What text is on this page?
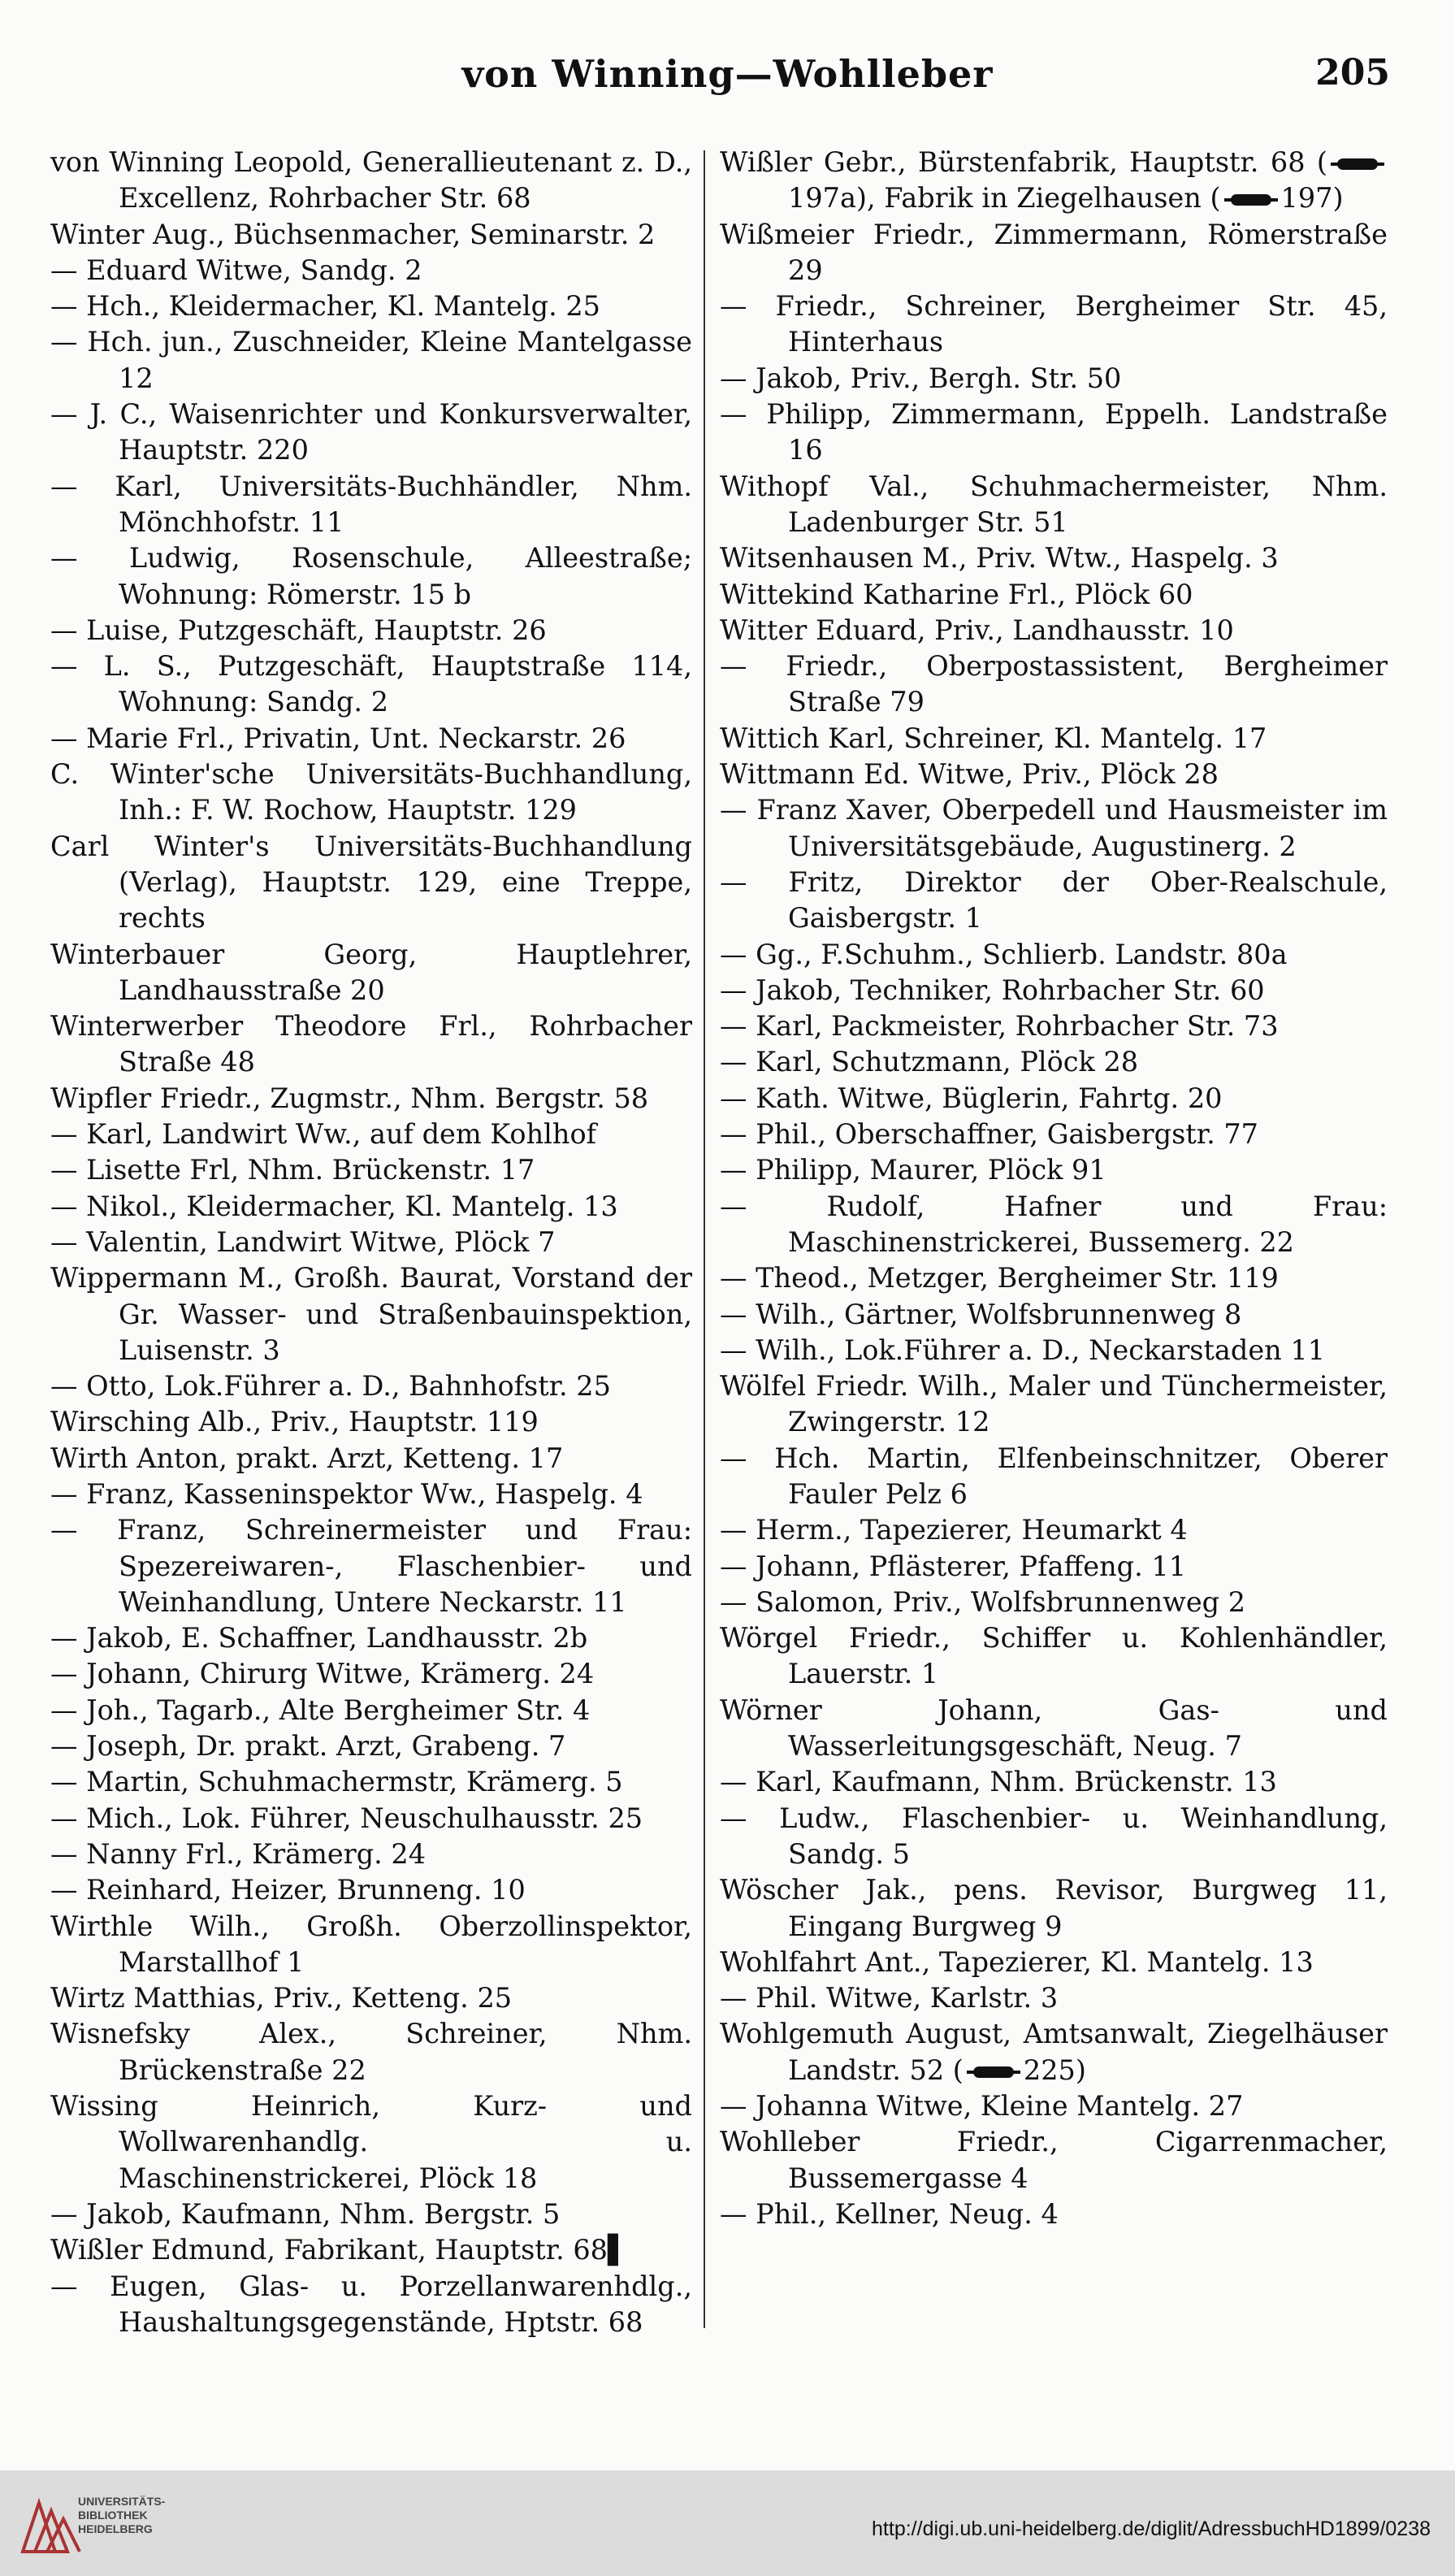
von Winning—Wohlleber	205

von Winning Leopold, Generallieutenant z. D., Excellenz, Rohrbacher Str. 68

Winter Aug., Büchsenmacher, Seminarstr. 2

— Eduard Witwe, Sandg. 2

— Hch., Kleidermacher, Kl. Mantelg. 25

— Hch. jun., Zuschneider, Kleine Mantelgasse 12

— J. C., Waisenrichter und Konkursverwalter, Hauptstr. 220

— Karl, Universitäts-Buchhändler, Nhm. Mönchhofstr. 11

— Ludwig, Rosenschule, Alleestraße; Wohnung: Römerstr. 15 b

— Luise, Putzgeschäft, Hauptstr. 26

— L. S., Putzgeschäft, Hauptstraße 114, Wohnung: Sandg. 2

— Marie Frl., Privatin, Unt. Neckarstr. 26

C. Winter'sche Universitäts-Buchhandlung, Inh.: F. W. Rochow, Hauptstr. 129

Carl Winter's Universitäts-Buchhandlung (Verlag), Hauptstr. 129, eine Treppe, rechts

Winterbauer Georg, Hauptlehrer, Landhausstraße 20

Winterwerber Theodore Frl., Rohrbacher Straße 48

Wipfler Friedr., Zugmstr., Nhm. Bergstr. 58

— Karl, Landwirt Ww., auf dem Kohlhof

— Lisette Frl, Nhm. Brückenstr. 17

— Nikol., Kleidermacher, Kl. Mantelg. 13

— Valentin, Landwirt Witwe, Plöck 7

Wippermann M., Großh. Baurat, Vorstand der Gr. Wasser- und Straßenbauinspektion, Luisenstr. 3

— Otto, Lok.Führer a. D., Bahnhofstr. 25

Wirsching Alb., Priv., Hauptstr. 119

Wirth Anton, prakt. Arzt, Ketteng. 17

— Franz, Kasseninspektor Ww., Haspelg. 4

— Franz, Schreinermeister und Frau: Spezereiwaren-, Flaschenbier- und Weinhandlung, Untere Neckarstr. 11

— Jakob, E. Schaffner, Landhausstr. 2b

— Johann, Chirurg Witwe, Krämerg. 24

— Joh., Tagarb., Alte Bergheimer Str. 4

— Joseph, Dr. prakt. Arzt, Grabeng. 7

— Martin, Schuhmachermstr, Krämerg. 5

— Mich., Lok. Führer, Neuschulhausstr. 25

— Nanny Frl., Krämerg. 24

— Reinhard, Heizer, Brunneng. 10

Wirthle Wilh., Großh. Oberzollinspektor, Marstallhof 1

Wirtz Matthias, Priv., Ketteng. 25

Wisnefsky Alex., Schreiner, Nhm. Brückenstraße 22

Wissing Heinrich, Kurz- und Wollwarenhandlg. u. Maschinenstrickerei, Plöck 18

— Jakob, Kaufmann, Nhm. Bergstr. 5

Wißler Edmund, Fabrikant, Hauptstr. 68▌

— Eugen, Glas- u. Porzellanwarenhdlg., Haushaltungsgegenstände, Hptstr. 68

Wißler Gebr., Bürstenfabrik, Hauptstr. 68 (197a), Fabrik in Ziegelhausen ( 197)

Wißmeier Friedr., Zimmermann, Römerstraße 29

— Friedr., Schreiner, Bergheimer Str. 45, Hinterhaus

— Jakob, Priv., Bergh. Str. 50

— Philipp, Zimmermann, Eppelh. Landstraße 16

Withopf Val., Schuhmachermeister, Nhm. Ladenburger Str. 51

Witsenhausen M., Priv. Wtw., Haspelg. 3

Wittekind Katharine Frl., Plöck 60

Witter Eduard, Priv., Landhausstr. 10

— Friedr., Oberpostassistent, Bergheimer Straße 79

Wittich Karl, Schreiner, Kl. Mantelg. 17

Wittmann Ed. Witwe, Priv., Plöck 28

— Franz Xaver, Oberpedell und Hausmeister im Universitätsgebäude, Augustinerg. 2

— Fritz, Direktor der Ober-Realschule, Gaisbergstr. 1

— Gg., F.Schuhm., Schlierb. Landstr. 80a

— Jakob, Techniker, Rohrbacher Str. 60

— Karl, Packmeister, Rohrbacher Str. 73

— Karl, Schutzmann, Plöck 28

— Kath. Witwe, Büglerin, Fahrtg. 20

— Phil., Oberschaffner, Gaisbergstr. 77

— Philipp, Maurer, Plöck 91

— Rudolf, Hafner und Frau: Maschinenstrickerei, Bussemerg. 22

— Theod., Metzger, Bergheimer Str. 119

— Wilh., Gärtner, Wolfsbrunnenweg 8

— Wilh., Lok.Führer a. D., Neckarstaden 11

Wölfel Friedr. Wilh., Maler und Tünchermeister, Zwingerstr. 12

— Hch. Martin, Elfenbeinschnitzer, Oberer Fauler Pelz 6

— Herm., Tapezierer, Heumarkt 4

— Johann, Pflästerer, Pfaffeng. 11

— Salomon, Priv., Wolfsbrunnenweg 2

Wörgel Friedr., Schiffer u. Kohlenhändler, Lauerstr. 1

Wörner Johann, Gas- und Wasserleitungsgeschäft, Neug. 7

— Karl, Kaufmann, Nhm. Brückenstr. 13

— Ludw., Flaschenbier- u. Weinhandlung, Sandg. 5

Wöscher Jak., pens. Revisor, Burgweg 11, Eingang Burgweg 9

Wohlfahrt Ant., Tapezierer, Kl. Mantelg. 13

— Phil. Witwe, Karlstr. 3

Wohlgemuth August, Amtsanwalt, Ziegelhäuser Landstr. 52 ( 225)

— Johanna Witwe, Kleine Mantelg. 27

Wohlleber Friedr., Cigarrenmacher, Bussemergasse 4

— Phil., Kellner, Neug. 4

UNIVERSITÄTS-
BIBLIOTHEK
HEIDELBERG	http://digi.ub.uni-heidelberg.de/diglit/AdressbuchHD1899/0238
